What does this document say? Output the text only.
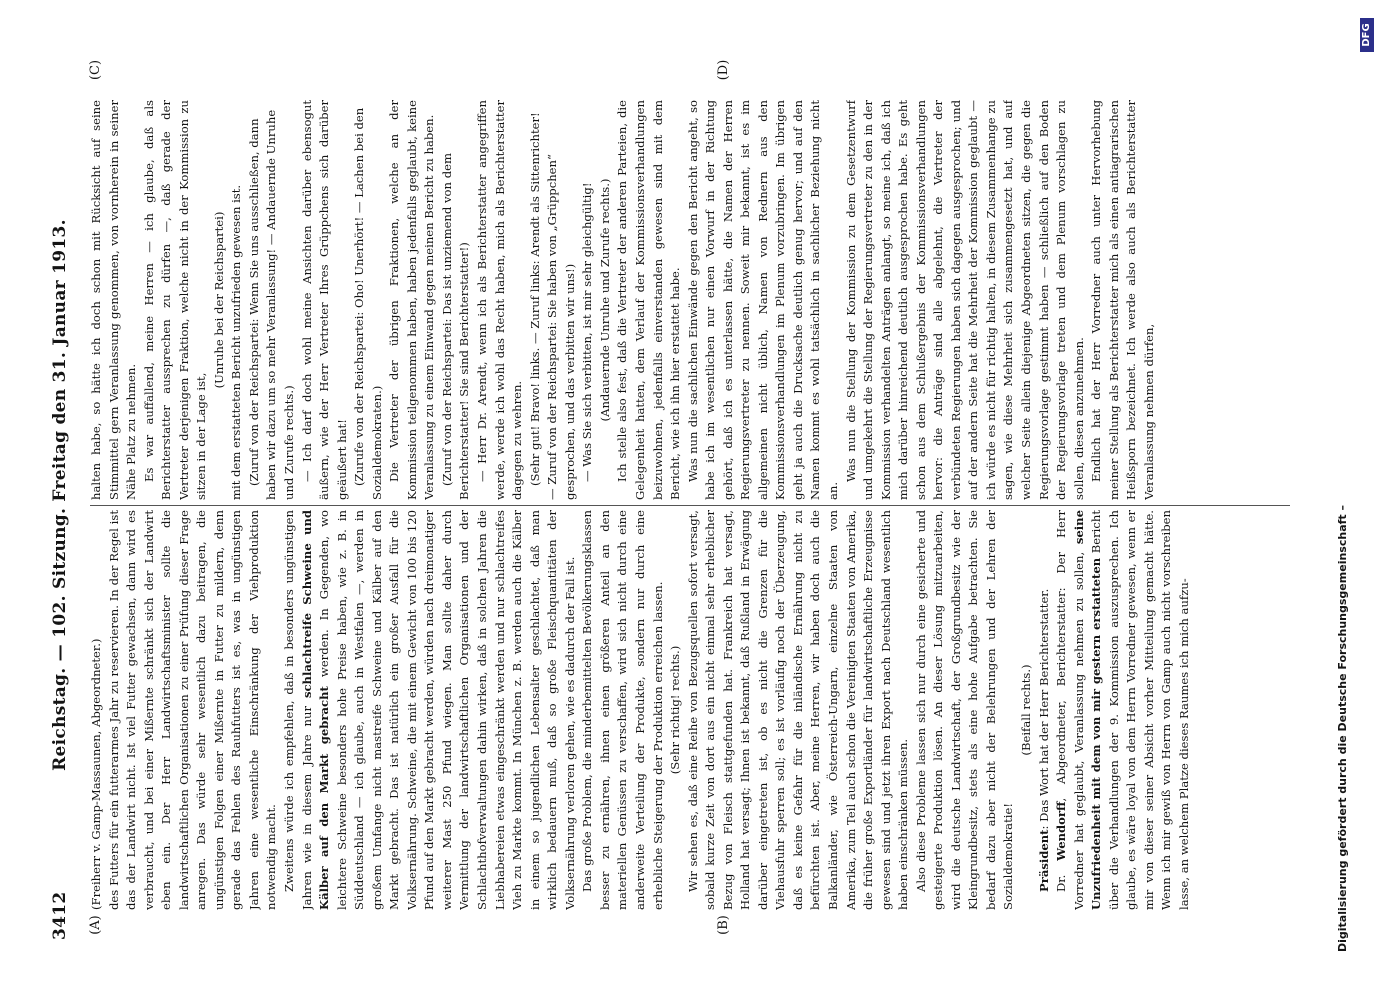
3412
Reichstag. — 102. Sitzung. Freitag den 31. Januar 1913.
(A)	(B)
(C)	(D)

(Freiherr v. Gamp-Massaunen, Abgeordneter.) des Futters für ein futterarmes Jahr zu reservieren. In der Regel ist das der Landwirt nicht. Ist viel Futter gewachsen, dann wird es verbraucht, und bei einer Mißernte schränkt sich der Landwirt eben ein. Der Herr Landwirtschaftsminister sollte die landwirtschaftlichen Organisationen zu einer Prüfung dieser Frage anregen. Das würde sehr wesentlich dazu beitragen, die ungünstigen Folgen einer Mißernte in Futter zu mildern, denn gerade das Fehlen des Rauhfutters ist es, was in ungünstigen Jahren eine wesentliche Einschränkung der Viehproduktion notwendig macht. Zweitens würde ich empfehlen, daß in besonders ungünstigen Jahren wie in diesem Jahre nur schlachtreife Schweine und Kälber auf den Markt gebracht werden. In Gegenden, wo leichtere Schweine besonders hohe Preise haben, wie z. B. in Süddeutschland — ich glaube, auch in Westfalen —, werden in großem Umfange nicht mastreife Schweine und Kälber auf den Markt gebracht. Das ist natürlich ein großer Ausfall für die Volksernährung. Schweine, die mit einem Gewicht von 100 bis 120 Pfund auf den Markt gebracht werden, würden nach dreimonatiger weiterer Mast 250 Pfund wiegen. Man sollte daher durch Vermittlung der landwirtschaftlichen Organisationen und der Schlachthofverwaltungen dahin wirken, daß in solchen Jahren die Liebhabereien etwas eingeschränkt werden und nur schlachtreifes Vieh zu Markte kommt. In München z. B. werden auch die Kälber in einem so jugendlichen Lebensalter geschlachtet, daß man wirklich bedauern muß, daß so große Fleischquantitäten der Volksernährung verloren gehen, wie es dadurch der Fall ist. Das große Problem, die minderbemittelten Bevölkerungsklassen besser zu ernähren, ihnen einen größeren Anteil an den materiellen Genüssen zu verschaffen, wird sich nicht durch eine anderweite Verteilung der Produkte, sondern nur durch eine erhebliche Steigerung der Produktion erreichen lassen. (Sehr richtig! rechts.) Wir sehen es, daß eine Reihe von Bezugsquellen sofort versagt, sobald kurze Zeit von dort aus ein nicht einmal sehr erheblicher Bezug von Fleisch stattgefunden hat. Frankreich hat versagt, Holland hat versagt; Ihnen ist bekannt, daß Rußland in Erwägung darüber eingetreten ist, ob es nicht die Grenzen für die Viehausfuhr sperren soll; es ist vorläufig noch der Überzeugung, daß es keine Gefahr für die inländische Ernährung nicht zu befürchten ist. Aber, meine Herren, wir haben doch auch die Balkanländer, wie Österreich-Ungarn, einzelne Staaten von Amerika, zum Teil auch schon die Vereinigten Staaten von Amerika, die früher große Exportländer für landwirtschaftliche Erzeugnisse gewesen sind und jetzt ihren Export nach Deutschland wesentlich haben einschränken müssen. Also diese Probleme lassen sich nur durch eine gesicherte und gesteigerte Produktion lösen. An dieser Lösung mitzuarbeiten, wird die deutsche Landwirtschaft, der Großgrundbesitz wie der Kleingrundbesitz, stets als eine hohe Aufgabe betrachten. Sie bedarf dazu aber nicht der Belehrungen und der Lehren der Sozialdemokratie!

(Beifall rechts.)

Präsident: Das Wort hat der Herr Berichterstatter.

Dr. Wendorff, Abgeordneter, Berichterstatter: Der Herr Vorredner hat geglaubt, Veranlassung nehmen zu sollen, seine Unzufriedenheit mit dem von mir gestern erstatteten Bericht über die Verhandlungen der 9. Kommission auszusprechen. Ich glaube, es wäre loyal von dem Herrn Vorredner gewesen, wenn er mir von dieser seiner Absicht vorher Mitteilung gemacht hätte. Wenn ich mir gewiß von Herrn von Gamp auch nicht vorschreiben lasse, an welchem Platze dieses Raumes ich mich aufzu-

halten habe, so hätte ich doch schon mit Rücksicht auf seine Stimmittel gern Veranlassung genommen, von vornherein in seiner Nähe Platz zu nehmen. Es war auffallend, meine Herren — ich glaube, daß als Berichterstatter aussprechen zu dürfen —, daß gerade der Vertreter derjenigen Fraktion, welche nicht in der Kommission zu sitzen in der Lage ist,

(Unruhe bei der Reichspartei) mit dem erstatteten Bericht unzufrieden gewesen ist. (Zuruf von der Reichspartei: Wenn Sie uns ausschließen, dann haben wir dazu um so mehr Veranlassung! — Andauernde Unruhe und Zurufe rechts.) — Ich darf doch wohl meine Ansichten darüber ebensogut äußern, wie der Herr Vertreter Ihres Grüppchens sich darüber geäußert hat! (Zurufe von der Reichspartei: Oho! Unerhört! — Lachen bei den Sozialdemokraten.) Die Vertreter der übrigen Fraktionen, welche an der Kommission teilgenommen haben, haben jedenfalls geglaubt, keine Veranlassung zu einem Einwand gegen meinen Bericht zu haben. (Zuruf von der Reichspartei: Das ist unziemend von dem Berichterstatter! Sie sind Berichterstatter!) — Herr Dr. Arendt, wenn ich als Berichterstatter angegriffen werde, werde ich wohl das Recht haben, mich als Berichterstatter dagegen zu wehren. (Sehr gut! Bravo! links. — Zuruf links: Arendt als Sittenrichter! — Zuruf von der Reichspartei: Sie haben von „Grüppchen“ gesprochen, und das verbitten wir uns!) — Was Sie sich verbitten, ist mir sehr gleichgültig! (Andauernde Unruhe und Zurufe rechts.) Ich stelle also fest, daß die Vertreter der anderen Parteien, die Gelegenheit hatten, dem Verlauf der Kommissionsverhandlungen beizuwohnen, jedenfalls einverstanden gewesen sind mit dem Bericht, wie ich ihn hier erstattet habe. Was nun die sachlichen Einwände gegen den Bericht angeht, so habe ich im wesentlichen nur einen Vorwurf in der Richtung gehört, daß ich es unterlassen hätte, die Namen der Herren Regierungsvertreter zu nennen. Soweit mir bekannt, ist es im allgemeinen nicht üblich, Namen von Rednern aus den Kommissionsverhandlungen im Plenum vorzubringen. Im übrigen geht ja auch die Drucksache deutlich genug hervor; und auf den Namen kommt es wohl tatsächlich in sachlicher Beziehung nicht an.

Was nun die Stellung der Kommission zu dem Gesetzentwurf und umgekehrt die Stellung der Regierungsvertreter zu den in der Kommission verhandelten Anträgen anlangt, so meine ich, daß ich mich darüber hinreichend deutlich ausgesprochen habe. Es geht schon aus dem Schlußergebnis der Kommissionsverhandlungen hervor: die Anträge sind alle abgelehnt, die Vertreter der verbündeten Regierungen haben sich dagegen ausgesprochen; und auf der andern Seite hat die Mehrheit der Kommission geglaubt — ich würde es nicht für richtig halten, in diesem Zusammenhange zu sagen, wie diese Mehrheit sich zusammengesetzt hat, und auf welcher Seite allein diejenige Abgeordneten sitzen, die gegen die Regierungsvorlage gestimmt haben — schließlich auf den Boden der Regierungsvorlage treten und dem Plenum vorschlagen zu sollen, diesen anzunehmen. Endlich hat der Herr Vorredner auch unter Hervorhebung meiner Stellung als Berichterstatter mich als einen antiagrarischen Heißsporn bezeichnet. Ich werde also auch als Berichterstatter Veranlassung nehmen dürfen,

Digitalisierung gefördert durch die Deutsche Forschungsgemeinschaft –
DFG
